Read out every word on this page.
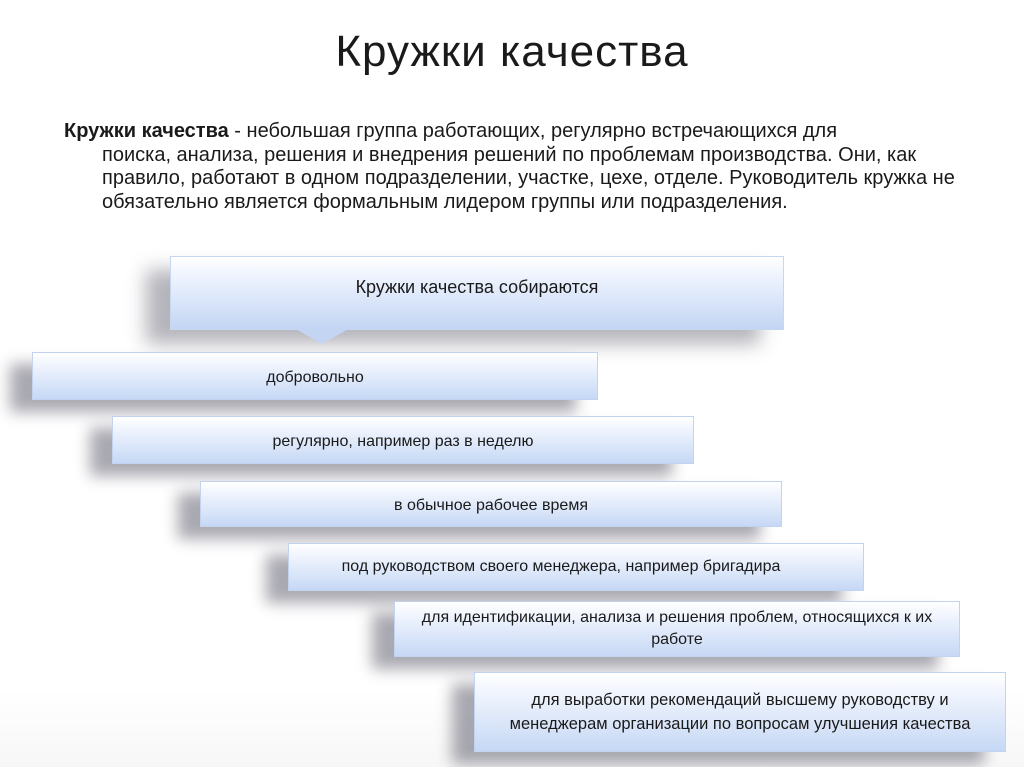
Кружки качества
Кружки качества - небольшая группа работающих, регулярно встречающихся для
поиска, анализа, решения и внедрения решений по проблемам производства. Они, как правило, работают в одном подразделении, участке, цехе, отделе. Руководитель кружка не обязательно является формальным лидером группы или подразделения.
Кружки качества собираются
добровольно
регулярно, например раз в неделю
в обычное рабочее время
под руководством своего менеджера, например бригадира
для идентификации, анализа и решения проблем, относящихся к их работе
для выработки рекомендаций высшему руководству и менеджерам организации по вопросам улучшения качества
